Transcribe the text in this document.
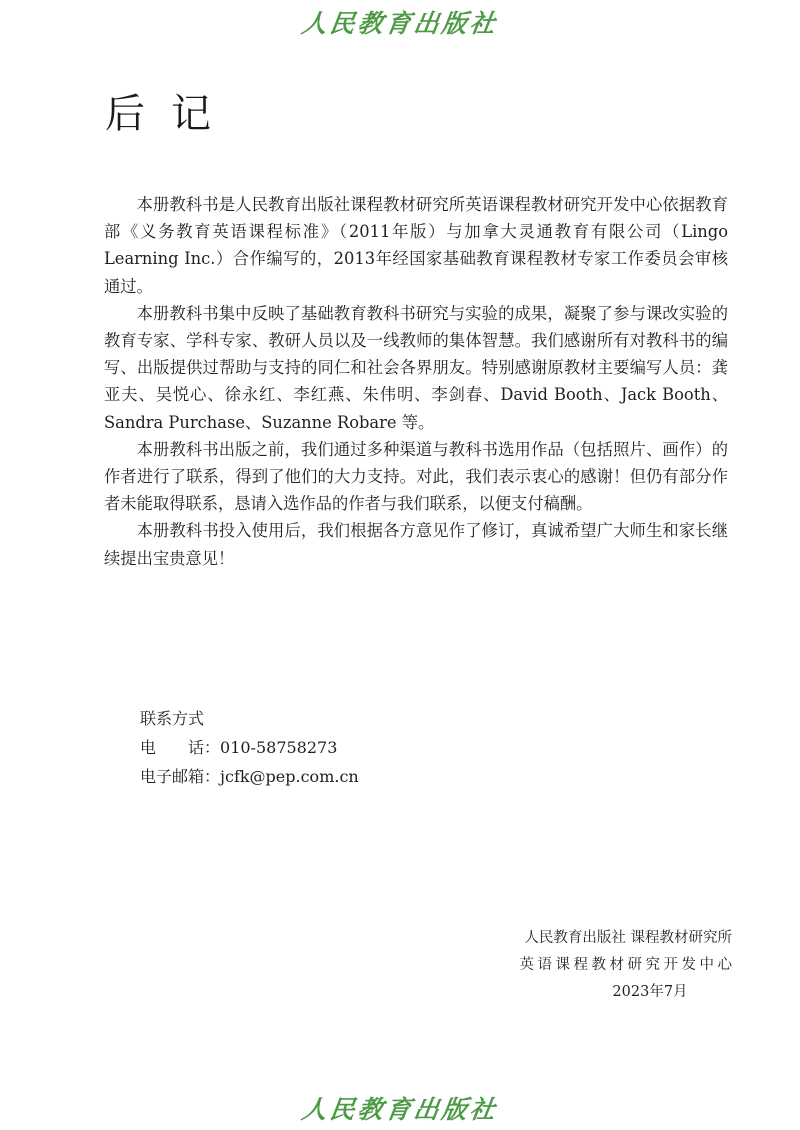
人民教育出版社
后记

本册教科书是人民教育出版社课程教材研究所英语课程教材研究开发中心依据教育部《义务教育英语课程标准》（2011年版）与加拿大灵通教育有限公司（Lingo Learning Inc.）合作编写的，2013年经国家基础教育课程教材专家工作委员会审核通过。

本册教科书集中反映了基础教育教科书研究与实验的成果，凝聚了参与课改实验的教育专家、学科专家、教研人员以及一线教师的集体智慧。我们感谢所有对教科书的编写、出版提供过帮助与支持的同仁和社会各界朋友。特别感谢原教材主要编写人员：龚亚夫、吴悦心、徐永红、李红燕、朱伟明、李剑春、David Booth、Jack Booth、Sandra Purchase、Suzanne Robare 等。

本册教科书出版之前，我们通过多种渠道与教科书选用作品（包括照片、画作）的作者进行了联系，得到了他们的大力支持。对此，我们表示衷心的感谢！但仍有部分作者未能取得联系，恳请入选作品的作者与我们联系，以便支付稿酬。

本册教科书投入使用后，我们根据各方意见作了修订，真诚希望广大师生和家长继续提出宝贵意见！

联系方式
电　　话：010-58758273
电子邮箱：jcfk@pep.com.cn
人民教育出版社 课程教材研究所
英语课程教材研究开发中心
2023年7月
人民教育出版社
